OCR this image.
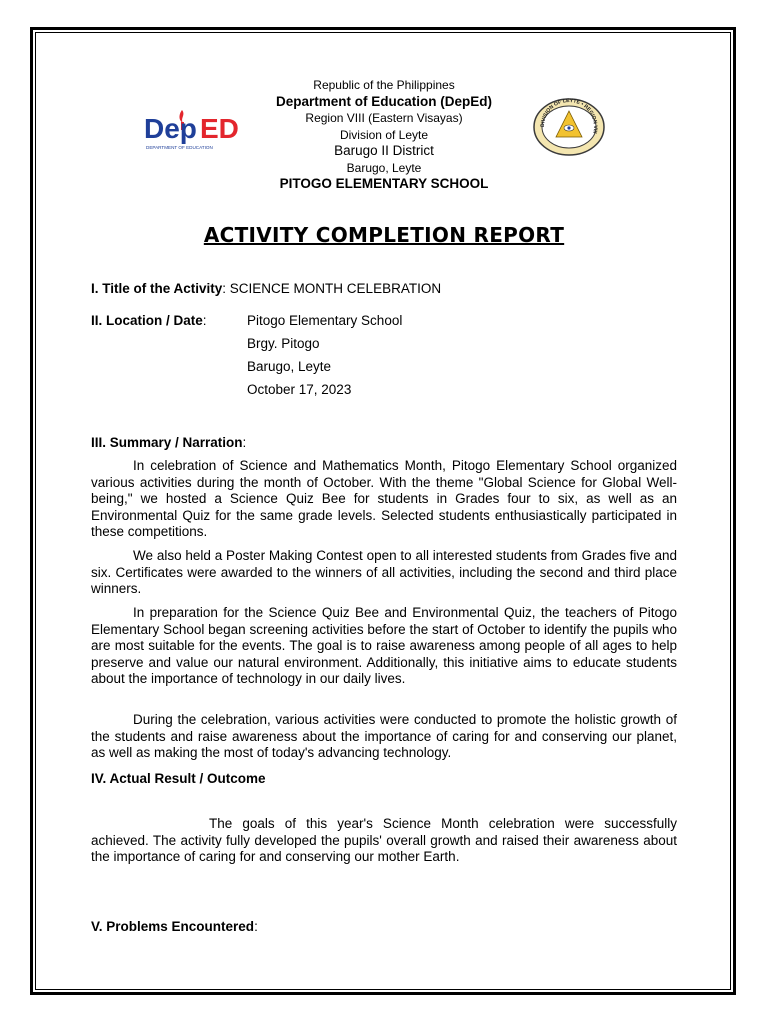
Dep ED
DEPARTMENT OF EDUCATION
DIVISION OF LEYTE • REGION VIII
Republic of the Philippines
Department of Education (DepEd)
Region VIII (Eastern Visayas)
Division of Leyte
Barugo II District
Barugo, Leyte
PITOGO ELEMENTARY SCHOOL
ACTIVITY COMPLETION REPORT
I. Title of the Activity: SCIENCE MONTH CELEBRATION
II. Location / Date:	Pitogo Elementary School
Brgy. Pitogo
Barugo, Leyte
October 17, 2023
III. Summary / Narration:

In celebration of Science and Mathematics Month, Pitogo Elementary School organized various activities during the month of October. With the theme "Global Science for Global Well-being," we hosted a Science Quiz Bee for students in Grades four to six, as well as an Environmental Quiz for the same grade levels. Selected students enthusiastically participated in these competitions.

We also held a Poster Making Contest open to all interested students from Grades five and six. Certificates were awarded to the winners of all activities, including the second and third place winners.

In preparation for the Science Quiz Bee and Environmental Quiz, the teachers of Pitogo Elementary School began screening activities before the start of October to identify the pupils who are most suitable for the events. The goal is to raise awareness among people of all ages to help preserve and value our natural environment. Additionally, this initiative aims to educate students about the importance of technology in our daily lives.

During the celebration, various activities were conducted to promote the holistic growth of the students and raise awareness about the importance of caring for and conserving our planet, as well as making the most of today's advancing technology.

IV. Actual Result / Outcome

The goals of this year's Science Month celebration were successfully achieved. The activity fully developed the pupils' overall growth and raised their awareness about the importance of caring for and conserving our mother Earth.

V. Problems Encountered:
